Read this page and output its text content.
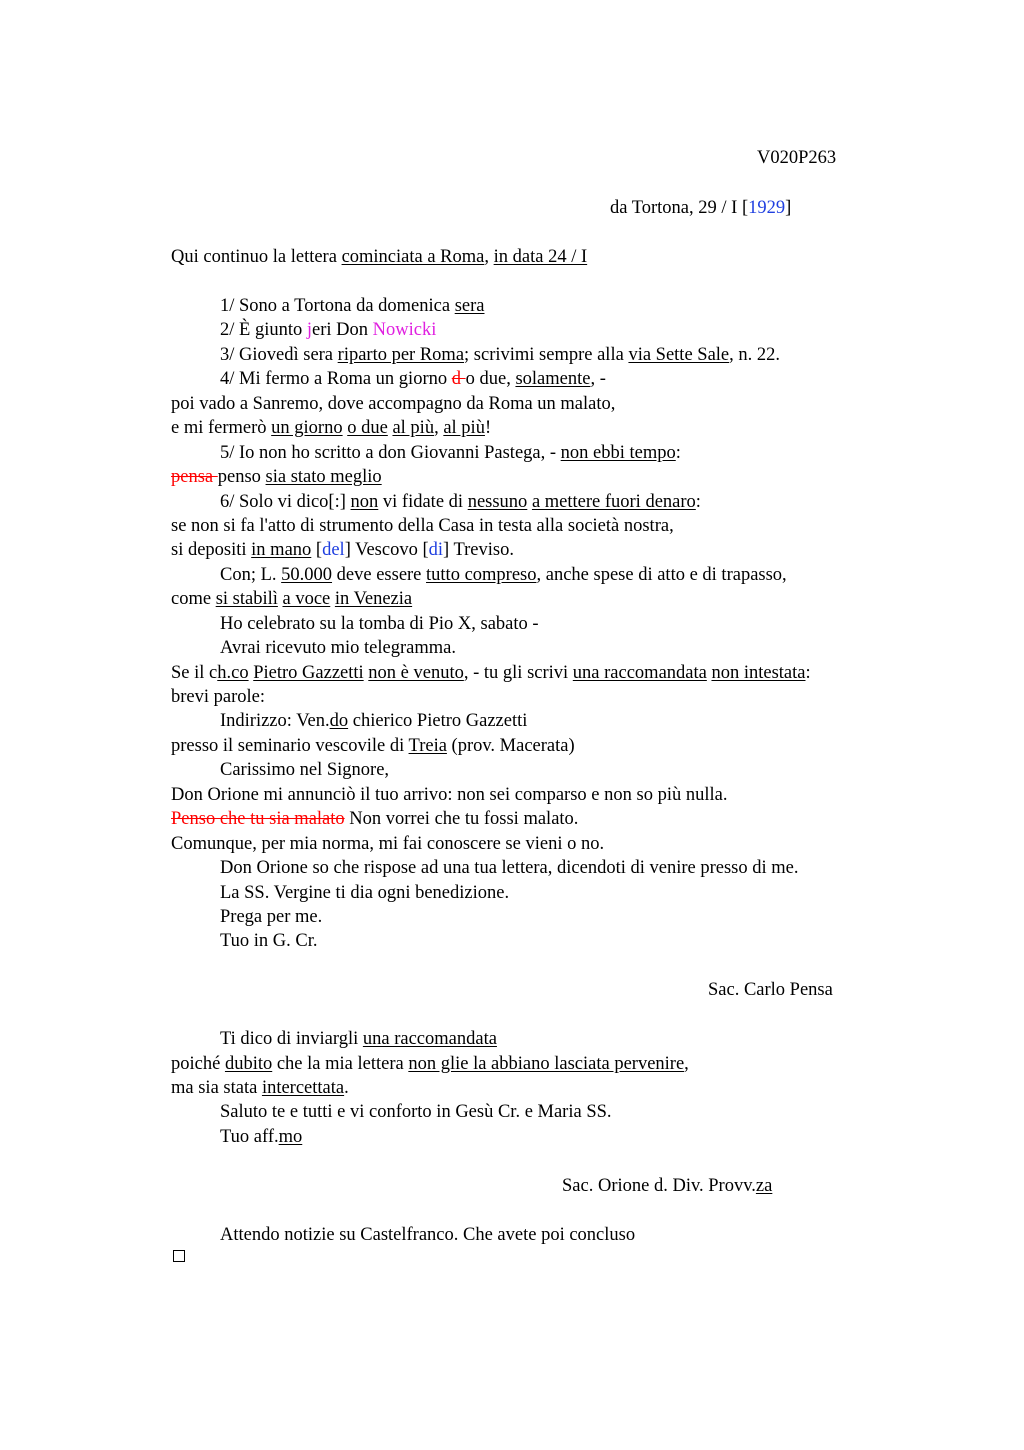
V020P263
da Tortona, 29 / I [1929]
Qui continuo la lettera cominciata a Roma, in data 24 / I
1/ Sono a Tortona da domenica sera
2/ È giunto jeri Don Nowicki
3/ Giovedì sera riparto per Roma; scrivimi sempre alla via Sette Sale, n. 22.
4/ Mi fermo a Roma un giorno d o due, solamente, -
poi vado a Sanremo, dove accompagno da Roma un malato,
e mi fermerò un giorno o due al più, al più!
5/ Io non ho scritto a don Giovanni Pastega, - non ebbi tempo:
pensa penso sia stato meglio
6/ Solo vi dico[:] non vi fidate di nessuno a mettere fuori denaro:
se non si fa l'atto di strumento della Casa in testa alla società nostra,
si depositi in mano [del] Vescovo [di] Treviso.
Con; L. 50.000 deve essere tutto compreso, anche spese di atto e di trapasso,
come si stabilì a voce in Venezia
Ho celebrato su la tomba di Pio X, sabato -
Avrai ricevuto mio telegramma.
Se il ch.co Pietro Gazzetti non è venuto, - tu gli scrivi una raccomandata non intestata:
brevi parole:
Indirizzo: Ven.do chierico Pietro Gazzetti
presso il seminario vescovile di Treia (prov. Macerata)
Carissimo nel Signore,
Don Orione mi annunciò il tuo arrivo: non sei comparso e non so più nulla.
Penso che tu sia malato Non vorrei che tu fossi malato.
Comunque, per mia norma, mi fai conoscere se vieni o no.
Don Orione so che rispose ad una tua lettera, dicendoti di venire presso di me.
La SS. Vergine ti dia ogni benedizione.
Prega per me.
Tuo in G. Cr.
Sac. Carlo Pensa
Ti dico di inviargli una raccomandata
poiché dubito che la mia lettera non glie la abbiano lasciata pervenire,
ma sia stata intercettata.
Saluto te e tutti e vi conforto in Gesù Cr. e Maria SS.
Tuo aff.mo
Sac. Orione d. Div. Provv.za
Attendo notizie su Castelfranco. Che avete poi concluso
